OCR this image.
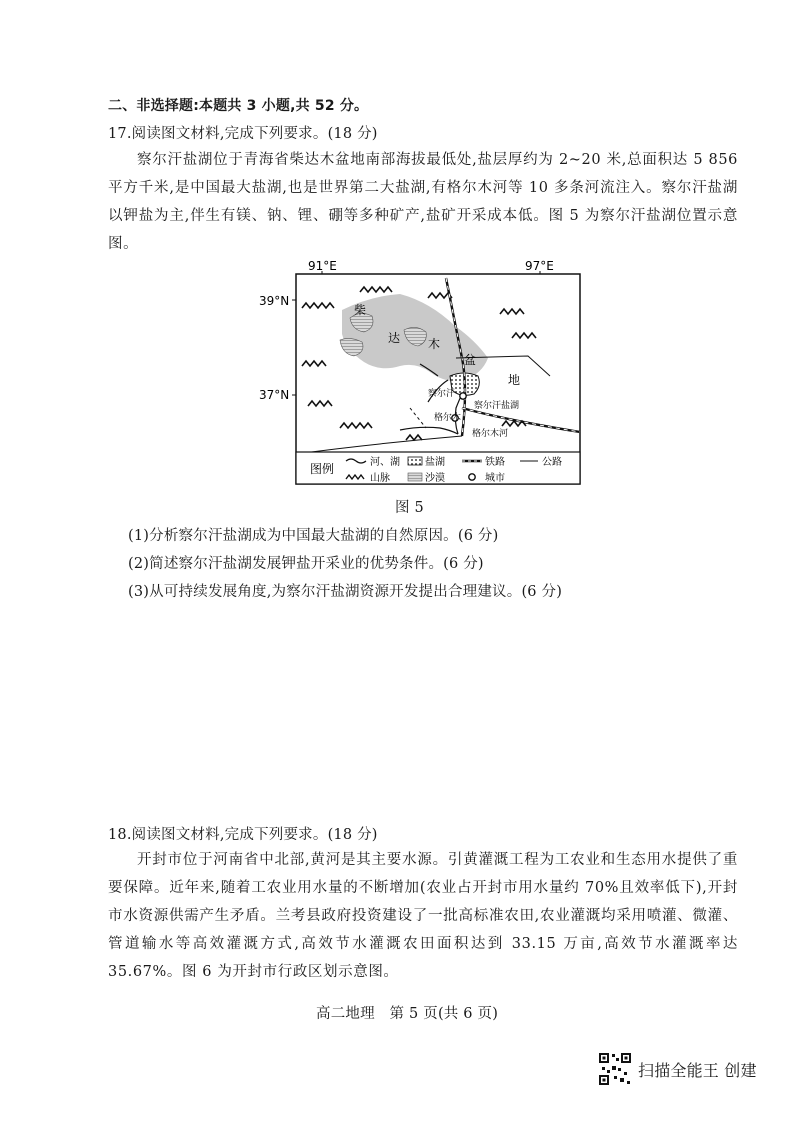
二、非选择题:本题共 3 小题,共 52 分。
17.阅读图文材料,完成下列要求。(18 分)
察尔汗盐湖位于青海省柴达木盆地南部海拔最低处,盐层厚约为 2~20 米,总面积达 5 856 平方千米,是中国最大盐湖,也是世界第二大盐湖,有格尔木河等 10 多条河流注入。察尔汗盐湖以钾盐为主,伴生有镁、钠、锂、硼等多种矿产,盐矿开采成本低。图 5 为察尔汗盐湖位置示意图。
91°E	97°E
39°N
37°N
柴
达 木
盆
地
察尔汗
察尔汗盐湖
格尔木
格尔木河
图例	河、湖	盐湖	铁路	公路
山脉	沙漠	城市
图 5
(1)分析察尔汗盐湖成为中国最大盐湖的自然原因。(6 分)
(2)简述察尔汗盐湖发展钾盐开采业的优势条件。(6 分)
(3)从可持续发展角度,为察尔汗盐湖资源开发提出合理建议。(6 分)
18.阅读图文材料,完成下列要求。(18 分)
开封市位于河南省中北部,黄河是其主要水源。引黄灌溉工程为工农业和生态用水提供了重要保障。近年来,随着工农业用水量的不断增加(农业占开封市用水量约 70%且效率低下),开封市水资源供需产生矛盾。兰考县政府投资建设了一批高标准农田,农业灌溉均采用喷灌、微灌、管道输水等高效灌溉方式,高效节水灌溉农田面积达到 33.15 万亩,高效节水灌溉率达 35.67%。图 6 为开封市行政区划示意图。
高二地理　第 5 页(共 6 页)
扫描全能王 创建
